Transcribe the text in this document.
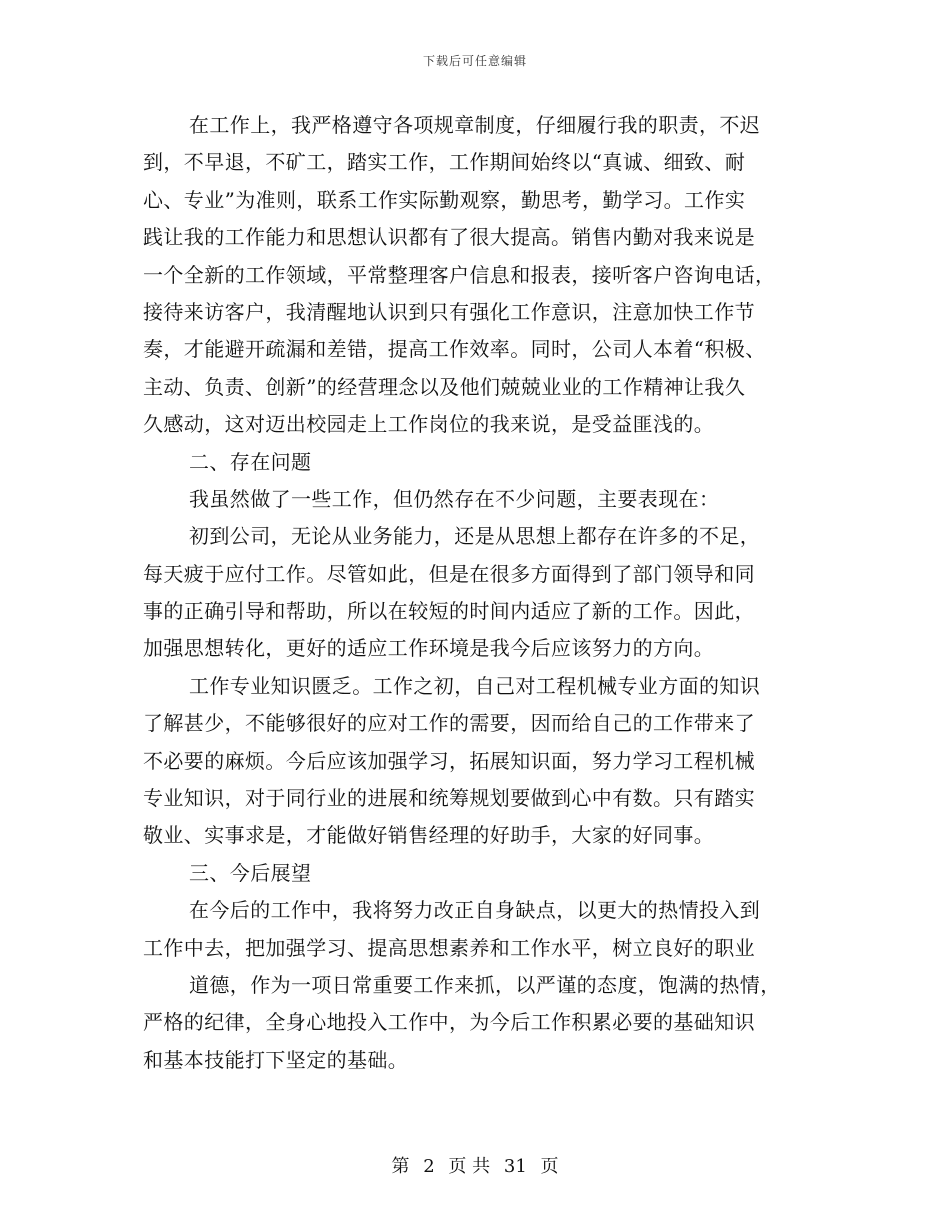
下载后可任意编辑
在工作上，我严格遵守各项规章制度，仔细履行我的职责，不迟
到，不早退，不矿工，踏实工作，工作期间始终以“真诚、细致、耐
心、专业”为准则，联系工作实际勤观察，勤思考，勤学习。工作实
践让我的工作能力和思想认识都有了很大提高。销售内勤对我来说是
一个全新的工作领域，平常整理客户信息和报表，接听客户咨询电话，
接待来访客户，我清醒地认识到只有强化工作意识，注意加快工作节
奏，才能避开疏漏和差错，提高工作效率。同时，公司人本着“积极、
主动、负责、创新”的经营理念以及他们兢兢业业的工作精神让我久
久感动，这对迈出校园走上工作岗位的我来说，是受益匪浅的。
二、存在问题
我虽然做了一些工作，但仍然存在不少问题，主要表现在：
初到公司，无论从业务能力，还是从思想上都存在许多的不足，
每天疲于应付工作。尽管如此，但是在很多方面得到了部门领导和同
事的正确引导和帮助，所以在较短的时间内适应了新的工作。因此，
加强思想转化，更好的适应工作环境是我今后应该努力的方向。
工作专业知识匮乏。工作之初，自己对工程机械专业方面的知识
了解甚少，不能够很好的应对工作的需要，因而给自己的工作带来了
不必要的麻烦。今后应该加强学习，拓展知识面，努力学习工程机械
专业知识，对于同行业的进展和统筹规划要做到心中有数。只有踏实
敬业、实事求是，才能做好销售经理的好助手，大家的好同事。
三、今后展望
在今后的工作中，我将努力改正自身缺点，以更大的热情投入到
工作中去，把加强学习、提高思想素养和工作水平，树立良好的职业
道德，作为一项日常重要工作来抓，以严谨的态度，饱满的热情，
严格的纪律，全身心地投入工作中，为今后工作积累必要的基础知识
和基本技能打下坚定的基础。
第 2 页 共 31 页
